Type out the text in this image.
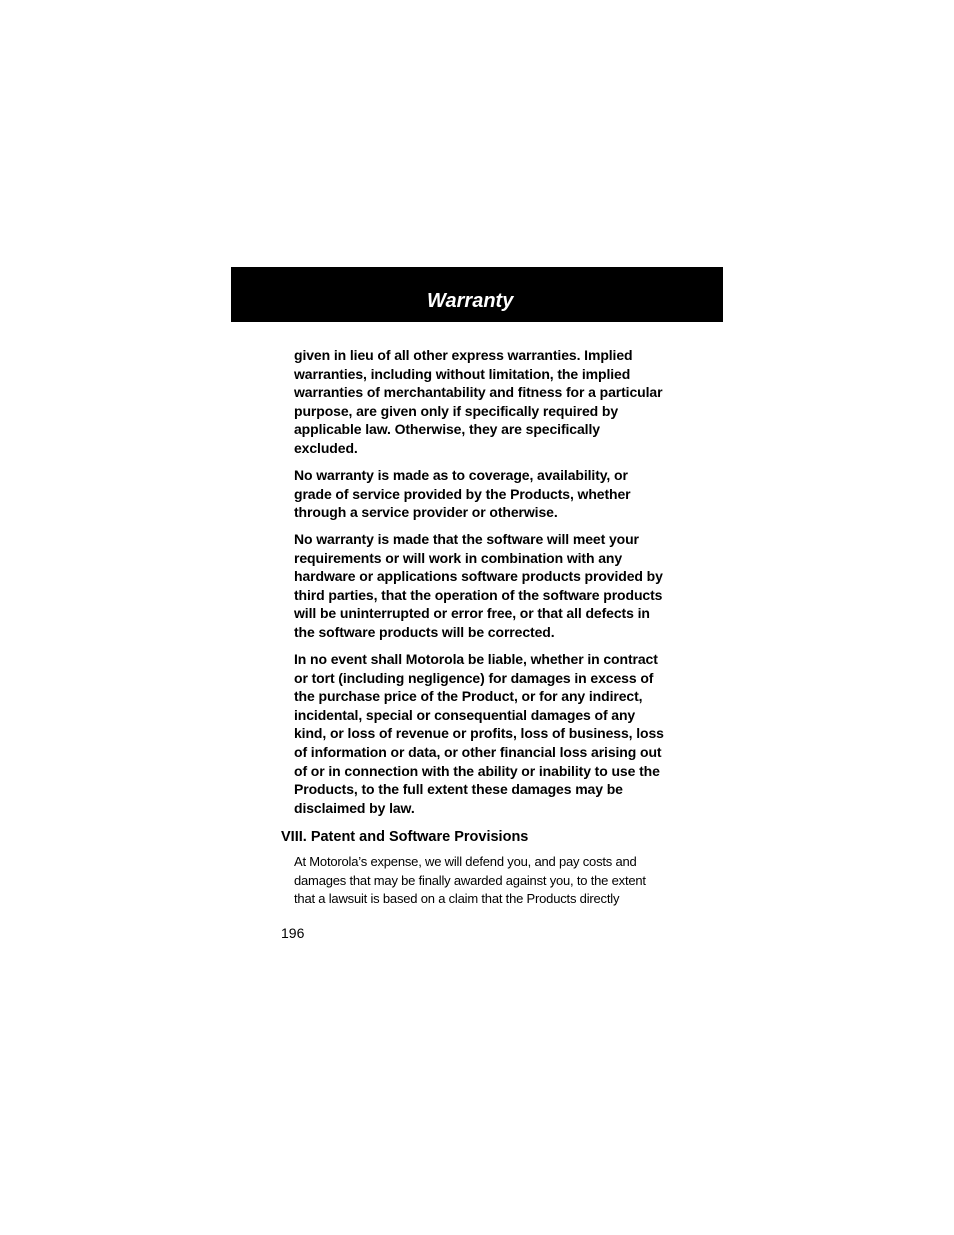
Warranty

given in lieu of all other express warranties. Implied warranties, including without limitation, the implied warranties of merchantability and fitness for a particular purpose, are given only if specifically required by applicable law. Otherwise, they are specifically excluded.

No warranty is made as to coverage, availability, or grade of service provided by the Products, whether through a service provider or otherwise.

No warranty is made that the software will meet your requirements or will work in combination with any hardware or applications software products provided by third parties, that the operation of the software products will be uninterrupted or error free, or that all defects in the software products will be corrected.

In no event shall Motorola be liable, whether in contract or tort (including negligence) for damages in excess of the purchase price of the Product, or for any indirect, incidental, special or consequential damages of any kind, or loss of revenue or profits, loss of business, loss of information or data, or other financial loss arising out of or in connection with the ability or inability to use the Products, to the full extent these damages may be disclaimed by law.

VIII. Patent and Software Provisions

At Motorola’s expense, we will defend you, and pay costs and damages that may be finally awarded against you, to the extent that a lawsuit is based on a claim that the Products directly

196
